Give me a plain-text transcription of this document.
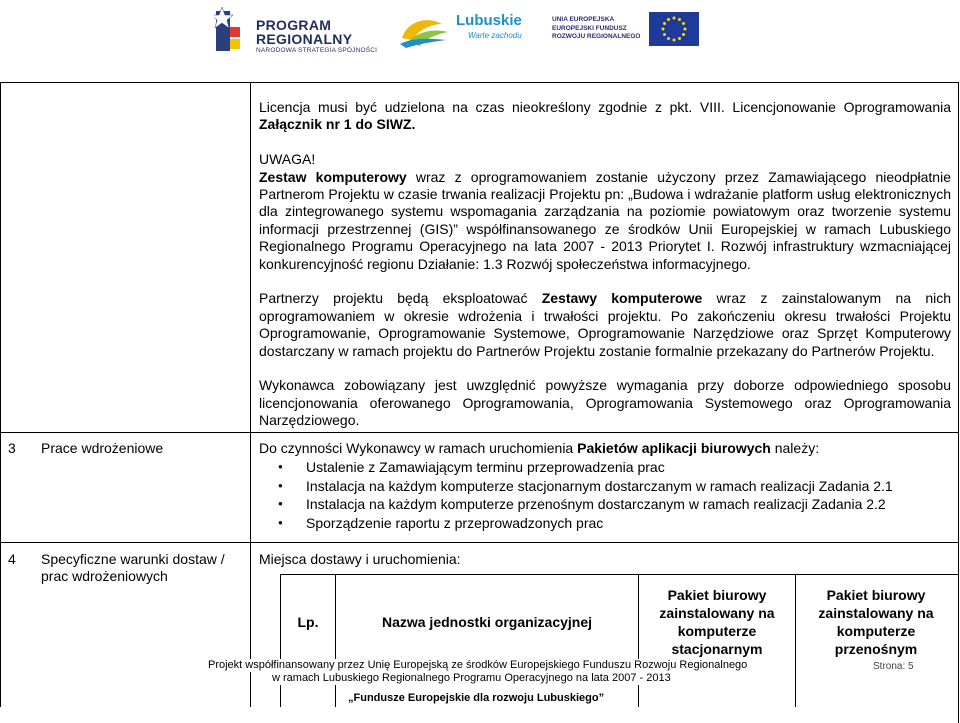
PROGRAM
REGIONALNY
NARODOWA STRATEGIA SPÓJNOŚCI
Lubuskie
Warte zachodu
UNIA EUROPEJSKA
EUROPEJSKI FUNDUSZ
ROZWOJU REGIONALNEGO

Licencja musi być udzielona na czas nieokreślony zgodnie z pkt. VIII. Licencjonowanie Oprogramowania Załącznik nr 1 do SIWZ.

UWAGA!

Zestaw komputerowy wraz z oprogramowaniem zostanie użyczony przez Zamawiającego nieodpłatnie Partnerom Projektu w czasie trwania realizacji Projektu pn: „Budowa i wdrażanie platform usług elektronicznych dla zintegrowanego systemu wspomagania zarządzania na poziomie powiatowym oraz tworzenie systemu informacji przestrzennej (GIS)” współfinansowanego ze środków Unii Europejskiej w ramach Lubuskiego Regionalnego Programu Operacyjnego na lata 2007 - 2013 Priorytet I. Rozwój infrastruktury wzmacniającej konkurencyjność regionu Działanie: 1.3 Rozwój społeczeństwa informacyjnego.

Partnerzy projektu będą eksploatować Zestawy komputerowe wraz z zainstalowanym na nich oprogramowaniem w okresie wdrożenia i trwałości projektu. Po zakończeniu okresu trwałości Projektu Oprogramowanie, Oprogramowanie Systemowe, Oprogramowanie Narzędziowe oraz Sprzęt Komputerowy dostarczany w ramach projektu do Partnerów Projektu zostanie formalnie przekazany do Partnerów Projektu.

Wykonawca zobowiązany jest uwzględnić powyższe wymagania przy doborze odpowiedniego sposobu licencjonowania oferowanego Oprogramowania, Oprogramowania Systemowego oraz Oprogramowania Narzędziowego.

3 Prace wdrożeniowe	Do czynności Wykonawcy w ramach uruchomienia Pakietów aplikacji biurowych należy:
● Ustalenie z Zamawiającym terminu przeprowadzenia prac
● Instalacja na każdym komputerze stacjonarnym dostarczanym w ramach realizacji Zadania 2.1
● Instalacja na każdym komputerze przenośnym dostarczanym w ramach realizacji Zadania 2.2
● Sporządzenie raportu z przeprowadzonych prac
4 Specyficzne warunki dostaw / prac wdrożeniowych
Miejsca dostawy i uruchomienia:
Lp.	Nazwa jednostki organizacyjnej
Pakiet biurowy zainstalowany na komputerze stacjonarnym
Pakiet biurowy zainstalowany na komputerze przenośnym
Projekt współfinansowany przez Unię Europejską ze środków Europejskiego Funduszu Rozwoju Regionalnego
w ramach Lubuskiego Regionalnego Programu Operacyjnego na lata 2007 - 2013
Strona: 5
„Fundusze Europejskie dla rozwoju Lubuskiego”
